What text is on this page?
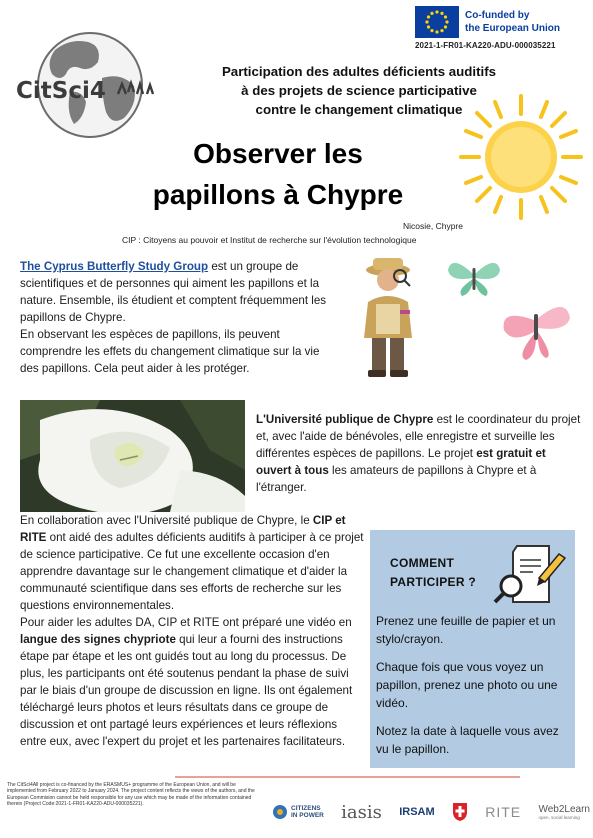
CitSci4
Co-funded by
the European Union
2021-1-FR01-KA220-ADU-000035221
Participation des adultes déficients auditifs
à des projets de science participative
contre le changement climatique
Observer les
papillons à Chypre
Nicosie, Chypre
CIP : Citoyens au pouvoir et Institut de recherche sur l'évolution technologique
The Cyprus Butterfly Study Group est un groupe de scientifiques et de personnes qui aiment les papillons et la nature. Ensemble, ils étudient et comptent fréquemment les papillons de Chypre.
En observant les espèces de papillons, ils peuvent comprendre les effets du changement climatique sur la vie des papillons. Cela peut aider à les protéger.
L'Université publique de Chypre est le coordinateur du projet et, avec l'aide de bénévoles, elle enregistre et surveille les différentes espèces de papillons. Le projet est gratuit et ouvert à tous les amateurs de papillons à Chypre et à l'étranger.
En collaboration avec l'Université publique de Chypre, le CIP et RITE ont aidé des adultes déficients auditifs à participer à ce projet de science participative. Ce fut une excellente occasion d'en apprendre davantage sur le changement climatique et d'aider la communauté scientifique dans ses efforts de recherche sur les questions environnementales.
Pour aider les adultes DA, CIP et RITE ont préparé une vidéo en langue des signes chypriote qui leur a fourni des instructions étape par étape et les ont guidés tout au long du processus. De plus, les participants ont été soutenus pendant la phase de suivi par le biais d'un groupe de discussion en ligne. Ils ont également téléchargé leurs photos et leurs résultats dans ce groupe de discussion et ont partagé leurs expériences et leurs réflexions entre eux, avec l'expert du projet et les partenaires facilitateurs.
COMMENT
PARTICIPER ?
Prenez une feuille de papier et un stylo/crayon.
Chaque fois que vous voyez un papillon, prenez une photo ou une vidéo.
Notez la date à laquelle vous avez vu le papillon.
The CitSci4All project is co-financed by the ERASMUS+ programme of the European Union, and will be implemented from February 2022 to January 2024. The project content reflects the views of the authors, and the European Commision cannot be held responsible for any use which may be made of the information contained therein (Project Code:2021-1-FR01-KA220-ADU-000035221).
CITIZENS
IN POWER iasis IRSAM	RITE Web2Learn
open, social learning
